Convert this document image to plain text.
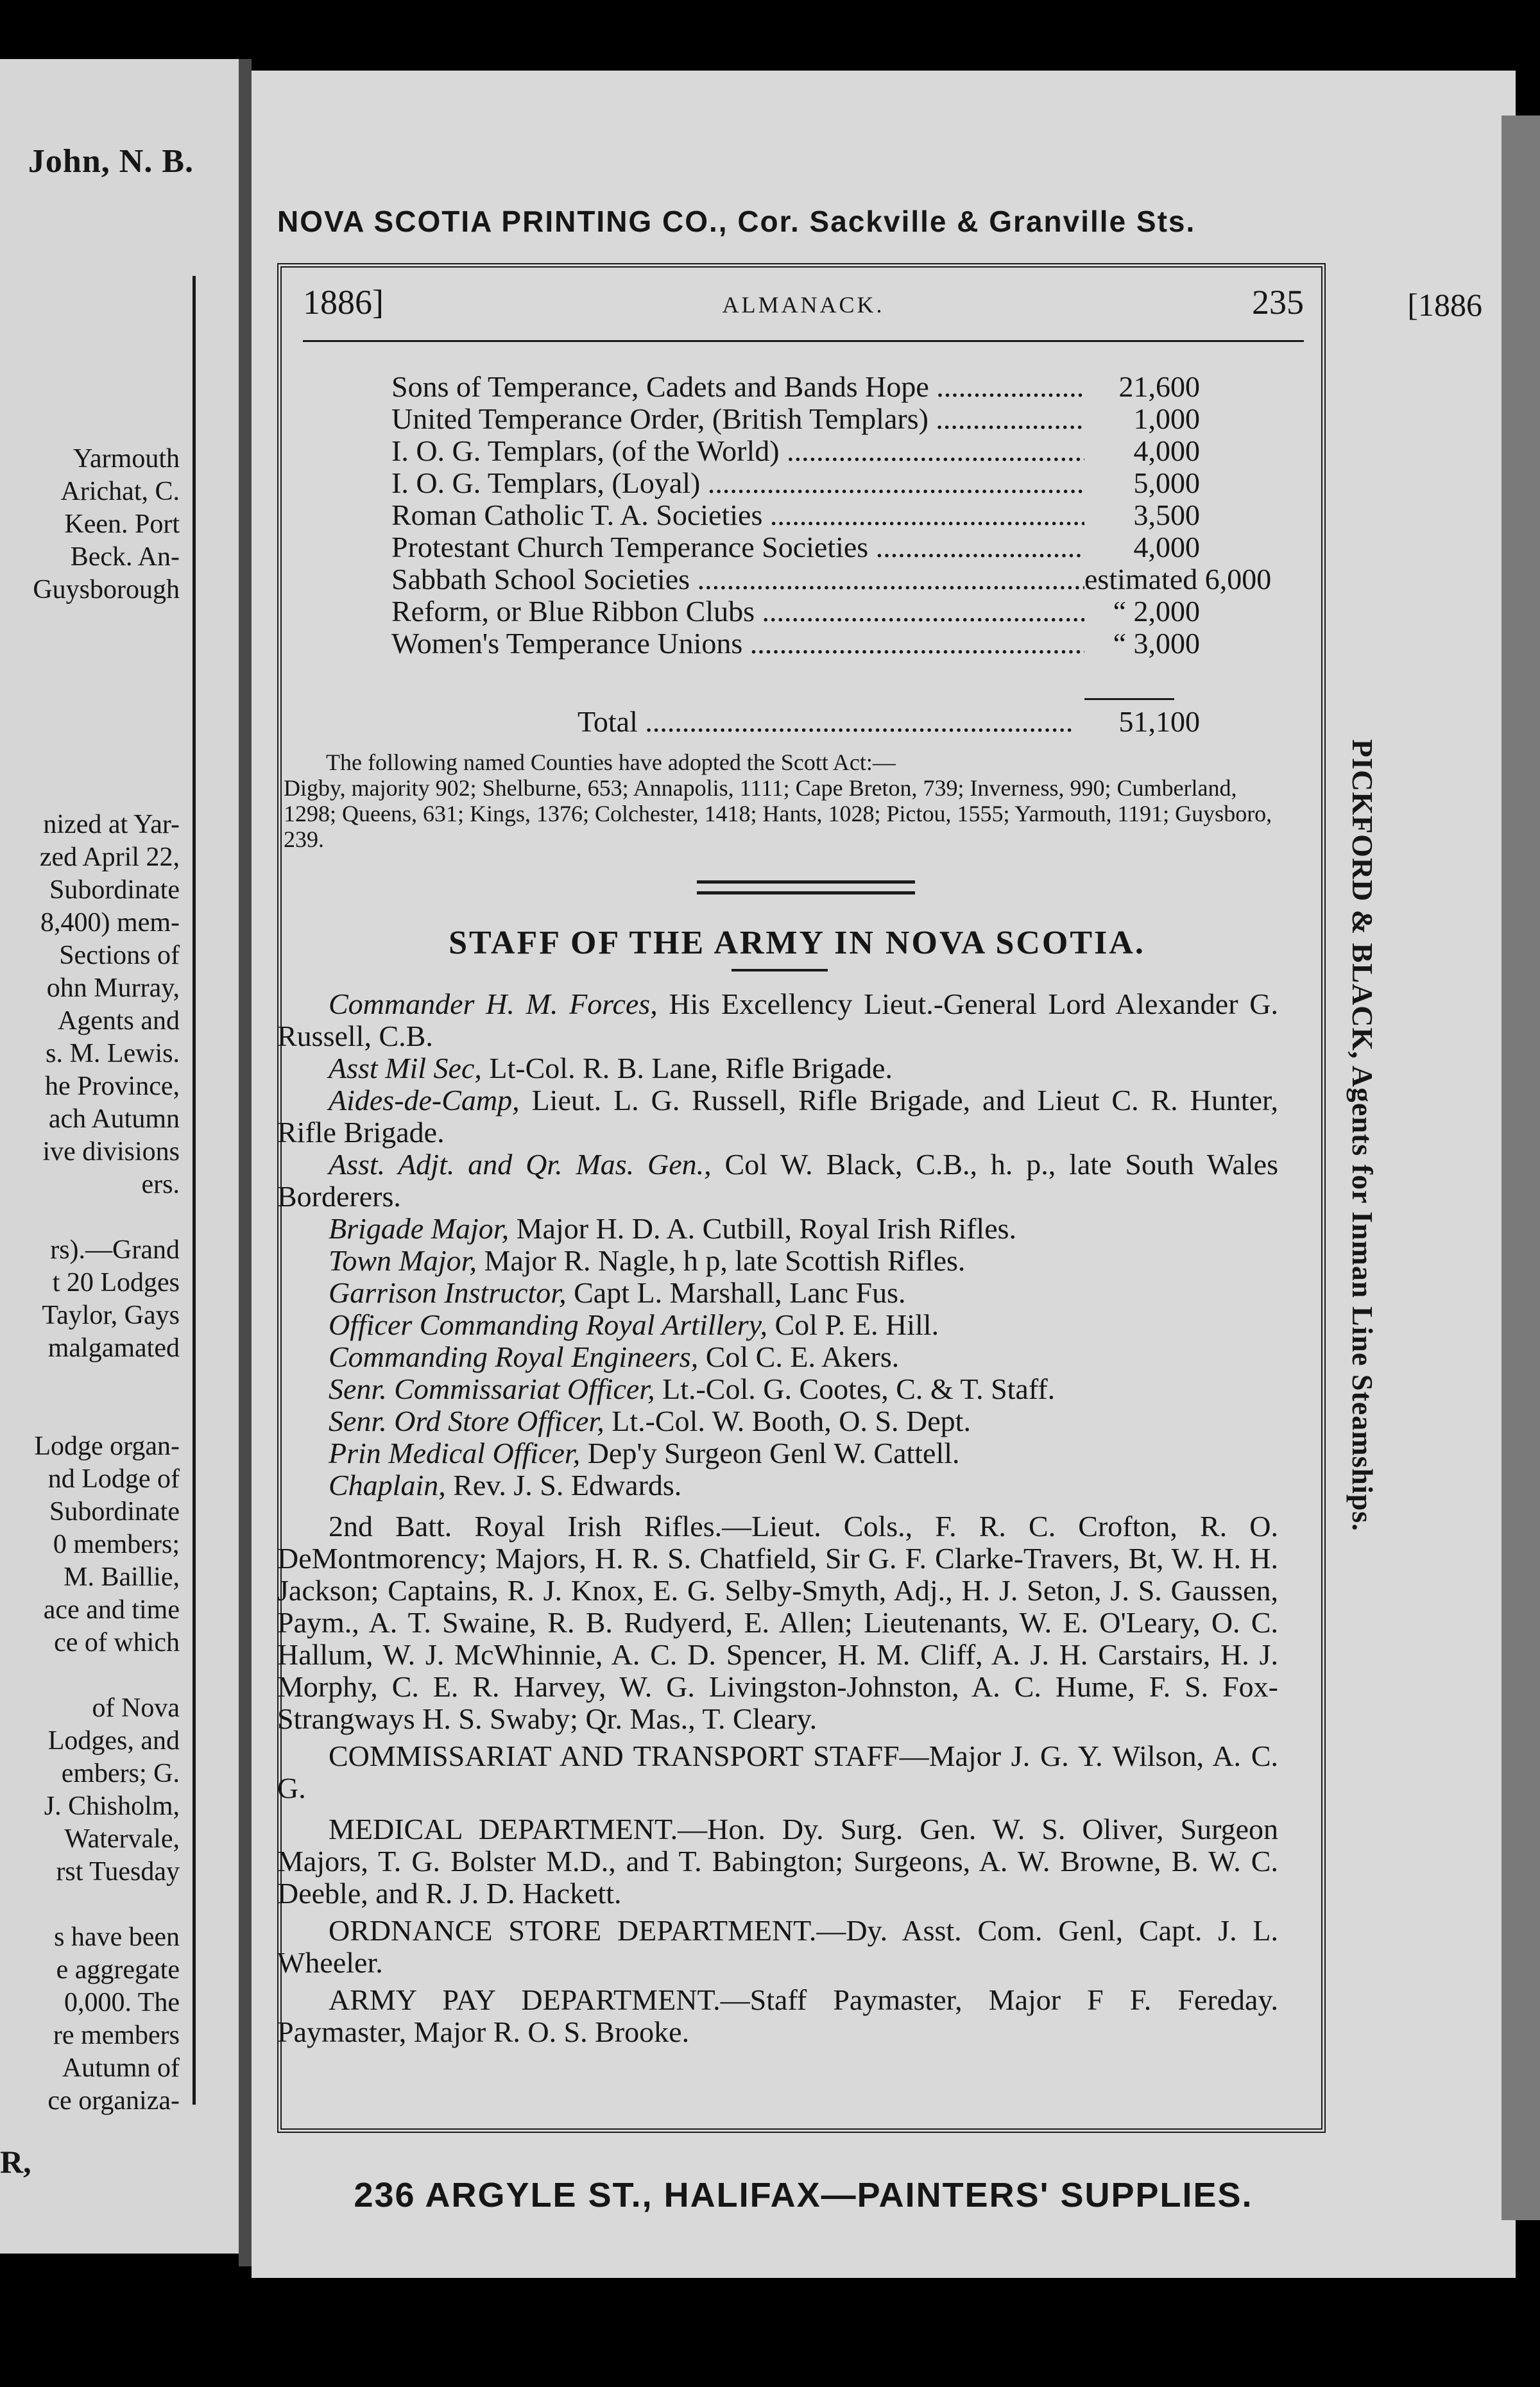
John, N. B.
[1886
Yarmouth
Arichat, C.
Keen. Port
Beck. An-
Guysborough
nized at Yar-
zed April 22,
Subordinate
8,400) mem-
Sections of
ohn Murray,
Agents and
s. M. Lewis.
he Province,
ach Autumn
ive divisions
ers.
rs).—Grand
t 20 Lodges
Taylor, Gays
malgamated
Lodge organ-
nd Lodge of
Subordinate
0 members;
M. Baillie,
ace and time
ce of which
of Nova
Lodges, and
embers; G.
J. Chisholm,
Watervale,
rst Tuesday
s have been
e aggregate
0,000. The
re members
Autumn of
ce organiza-
R,
NOVA SCOTIA PRINTING CO., Cor. Sackville & Granville Sts.
1886]	ALMANACK.	235
Sons of Temperance, Cadets and Bands Hope .....	21,600
United Temperance Order, (British Templars) .....	1,000
I. O. G. Templars, (of the World) .....	4,000
I. O. G. Templars, (Loyal) .....	5,000
Roman Catholic T. A. Societies .....	3,500
Protestant Church Temperance Societies .....	4,000
Sabbath School Societies .....	estimated 6,000
Reform, or Blue Ribbon Clubs .....	“ 2,000
Women's Temperance Unions .....	“ 3,000
Total .....	51,100

The following named Counties have adopted the Scott Act:—

Digby, majority 902; Shelburne, 653; Annapolis, 1111; Cape Breton, 739; Inverness, 990; Cumberland, 1298; Queens, 631; Kings, 1376; Colchester, 1418; Hants, 1028; Pictou, 1555; Yarmouth, 1191; Guysboro, 239.

STAFF OF THE ARMY IN NOVA SCOTIA.

Commander H. M. Forces, His Excellency Lieut.-General Lord Alexander G. Russell, C.B.

Asst Mil Sec, Lt-Col. R. B. Lane, Rifle Brigade.

Aides-de-Camp, Lieut. L. G. Russell, Rifle Brigade, and Lieut C. R. Hunter, Rifle Brigade.

Asst. Adjt. and Qr. Mas. Gen., Col W. Black, C.B., h. p., late South Wales Borderers.

Brigade Major, Major H. D. A. Cutbill, Royal Irish Rifles.

Town Major, Major R. Nagle, h p, late Scottish Rifles.

Garrison Instructor, Capt L. Marshall, Lanc Fus.

Officer Commanding Royal Artillery, Col P. E. Hill.

Commanding Royal Engineers, Col C. E. Akers.

Senr. Commissariat Officer, Lt.-Col. G. Cootes, C. & T. Staff.

Senr. Ord Store Officer, Lt.-Col. W. Booth, O. S. Dept.

Prin Medical Officer, Dep'y Surgeon Genl W. Cattell.

Chaplain, Rev. J. S. Edwards.

2nd Batt. Royal Irish Rifles.—Lieut. Cols., F. R. C. Crofton, R. O. DeMontmorency; Majors, H. R. S. Chatfield, Sir G. F. Clarke-Travers, Bt, W. H. H. Jackson; Captains, R. J. Knox, E. G. Selby-Smyth, Adj., H. J. Seton, J. S. Gaussen, Paym., A. T. Swaine, R. B. Rudyerd, E. Allen; Lieutenants, W. E. O'Leary, O. C. Hallum, W. J. McWhinnie, A. C. D. Spencer, H. M. Cliff, A. J. H. Carstairs, H. J. Morphy, C. E. R. Harvey, W. G. Livingston-Johnston, A. C. Hume, F. S. Fox-Strangways H. S. Swaby; Qr. Mas., T. Cleary.

COMMISSARIAT AND TRANSPORT STAFF—Major J. G. Y. Wilson, A. C. G.

MEDICAL DEPARTMENT.—Hon. Dy. Surg. Gen. W. S. Oliver, Surgeon Majors, T. G. Bolster M.D., and T. Babington; Surgeons, A. W. Browne, B. W. C. Deeble, and R. J. D. Hackett.

ORDNANCE STORE DEPARTMENT.—Dy. Asst. Com. Genl, Capt. J. L. Wheeler.

ARMY PAY DEPARTMENT.—Staff Paymaster, Major F F. Fereday. Paymaster, Major R. O. S. Brooke.

236 ARGYLE ST., HALIFAX—PAINTERS' SUPPLIES.
PICKFORD & BLACK, Agents for Inman Line Steamships.
